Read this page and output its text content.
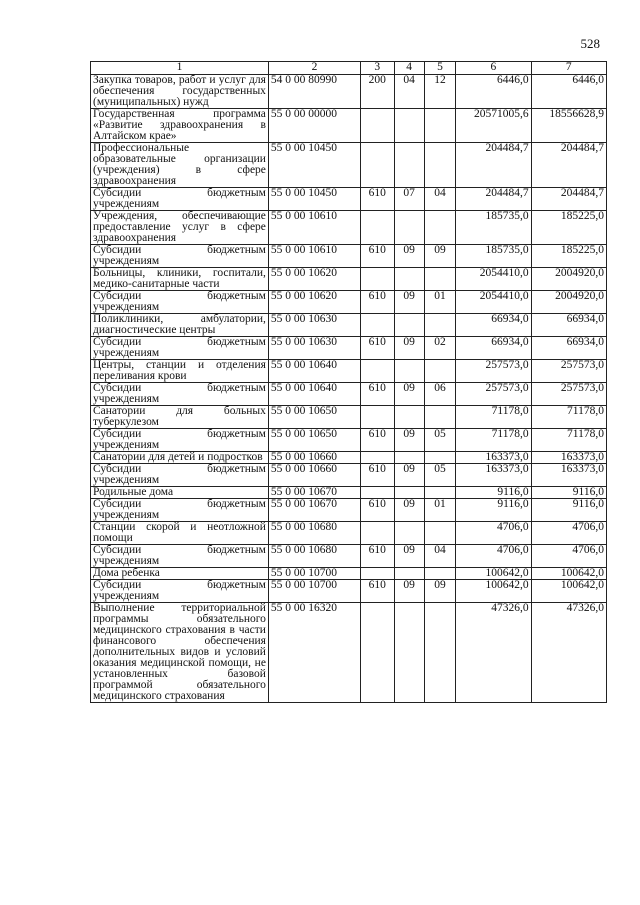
528
1	2	3	4	5	6	7
Закупка товаров, работ и услуг для обеспечения государственных (муниципальных) нужд	54 0 00 80990	200	04	12	6446,0	6446,0
Государственная программа «Развитие здравоохранения в Алтайском крае»	55 0 00 00000				20571005,6	18556628,9
Профессиональные образовательные организации (учреждения) в сфере здравоохранения	55 0 00 10450				204484,7	204484,7
Субсидии бюджетным учреждениям	55 0 00 10450	610	07	04	204484,7	204484,7
Учреждения, обеспечивающие предоставление услуг в сфере здравоохранения	55 0 00 10610				185735,0	185225,0
Субсидии бюджетным учреждениям	55 0 00 10610	610	09	09	185735,0	185225,0
Больницы, клиники, госпитали, медико-санитарные части	55 0 00 10620				2054410,0	2004920,0
Субсидии бюджетным учреждениям	55 0 00 10620	610	09	01	2054410,0	2004920,0
Поликлиники, амбулатории, диагностические центры	55 0 00 10630				66934,0	66934,0
Субсидии бюджетным учреждениям	55 0 00 10630	610	09	02	66934,0	66934,0
Центры, станции и отделения переливания крови	55 0 00 10640				257573,0	257573,0
Субсидии бюджетным учреждениям	55 0 00 10640	610	09	06	257573,0	257573,0
Санатории для больных туберкулезом	55 0 00 10650				71178,0	71178,0
Субсидии бюджетным учреждениям	55 0 00 10650	610	09	05	71178,0	71178,0
Санатории для детей и подростков	55 0 00 10660				163373,0	163373,0
Субсидии бюджетным учреждениям	55 0 00 10660	610	09	05	163373,0	163373,0
Родильные дома	55 0 00 10670				9116,0	9116,0
Субсидии бюджетным учреждениям	55 0 00 10670	610	09	01	9116,0	9116,0
Станции скорой и неотложной помощи	55 0 00 10680				4706,0	4706,0
Субсидии бюджетным учреждениям	55 0 00 10680	610	09	04	4706,0	4706,0
Дома ребенка	55 0 00 10700				100642,0	100642,0
Субсидии бюджетным учреждениям	55 0 00 10700	610	09	09	100642,0	100642,0
Выполнение территориальной программы обязательного медицинского страхования в части финансового обеспечения дополнительных видов и условий оказания медицинской помощи, не установленных базовой программой обязательного медицинского страхования	55 0 00 16320				47326,0	47326,0
